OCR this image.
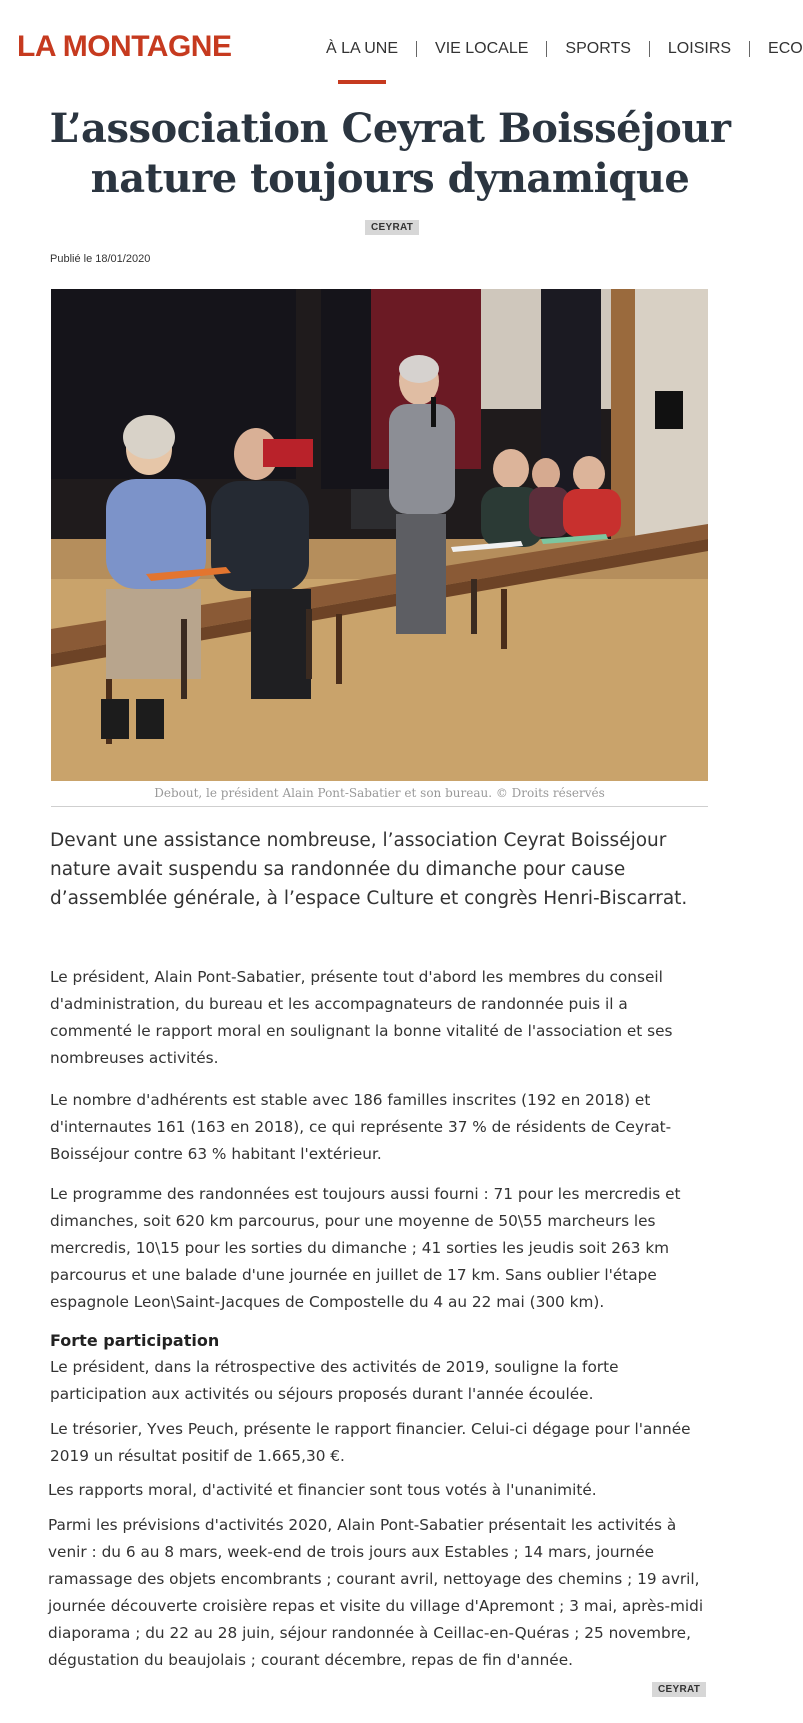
LA MONTAGNE	À LA UNE VIE LOCALE SPORTS LOISIRS ECO
L’association Ceyrat Boisséjour nature toujours dynamique
CEYRAT
Publié le 18/01/2020
Debout, le président Alain Pont-Sabatier et son bureau. © Droits réservés

Devant une assistance nombreuse, l’association Ceyrat Boisséjour nature avait suspendu sa randonnée du dimanche pour cause d’assemblée générale, à l’espace Culture et congrès Henri-Biscarrat.

Le président, Alain Pont-Sabatier, présente tout d'abord les membres du conseil d'administration, du bureau et les accompagnateurs de randonnée puis il a commenté le rapport moral en soulignant la bonne vitalité de l'association et ses nombreuses activités.

Le nombre d'adhérents est stable avec 186 familles inscrites (192 en 2018) et d'internautes 161 (163 en 2018), ce qui représente 37 % de résidents de Ceyrat-Boisséjour contre 63 % habitant l'extérieur.

Le programme des randonnées est toujours aussi fourni : 71 pour les mercredis et dimanches, soit 620 km parcourus, pour une moyenne de 50\55 marcheurs les mercredis, 10\15 pour les sorties du dimanche ; 41 sorties les jeudis soit 263 km parcourus et une balade d'une journée en juillet de 17 km. Sans oublier l'étape espagnole Leon\Saint-Jacques de Compostelle du 4 au 22 mai (300 km).

Forte participation

Le président, dans la rétrospective des activités de 2019, souligne la forte participation aux activités ou séjours proposés durant l'année écoulée.

Le trésorier, Yves Peuch, présente le rapport financier. Celui-ci dégage pour l'année 2019 un résultat positif de 1.665,30 €.

Les rapports moral, d'activité et financier sont tous votés à l'unanimité.

Parmi les prévisions d'activités 2020, Alain Pont-Sabatier présentait les activités à venir : du 6 au 8 mars, week-end de trois jours aux Estables ; 14 mars, journée ramassage des objets encombrants ; courant avril, nettoyage des chemins ; 19 avril, journée découverte croisière repas et visite du village d'Apremont ; 3 mai, après-midi diaporama ; du 22 au 28 juin, séjour randonnée à Ceillac-en-Quéras ; 25 novembre, dégustation du beaujolais ; courant décembre, repas de fin d'année.

CEYRAT
